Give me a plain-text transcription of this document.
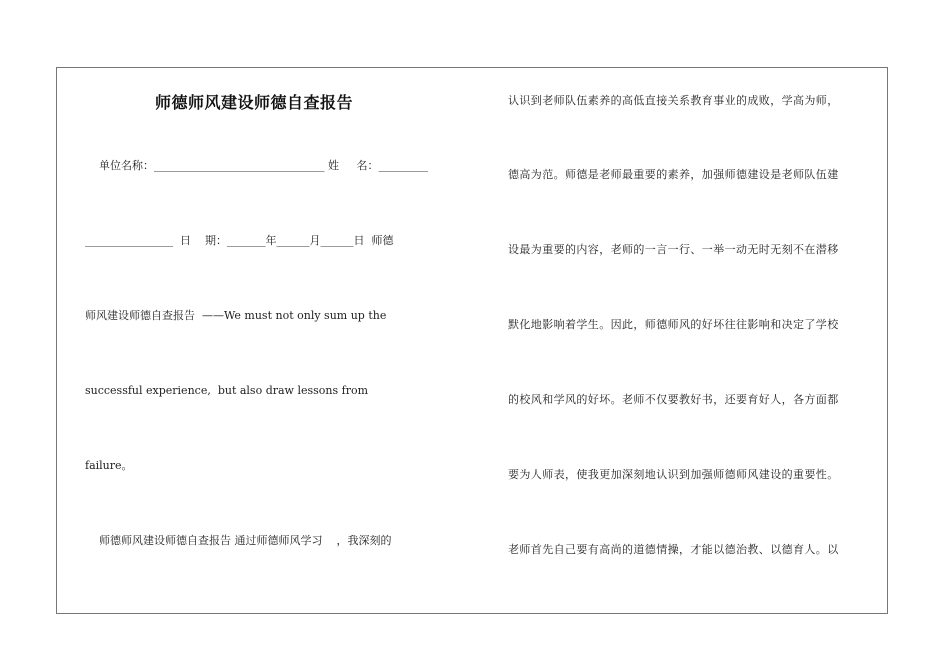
师德师风建设师德自查报告
单位名称：_______________________________ 姓     名：_________
________________  日    期：_______年______月______日  师德
师风建设师德自查报告  ——We must not only sum up the
successful experience,  but also draw lessons from
failure。
师德师风建设师德自查报告 通过师德师风学习    ，我深刻的
认识到老师队伍素养的高低直接关系教育事业的成败，学高为师，
德高为范。师德是老师最重要的素养，加强师德建设是老师队伍建
设最为重要的内容，老师的一言一行、一举一动无时无刻不在潜移
默化地影响着学生。因此，师德师风的好坏往往影响和决定了学校
的校风和学风的好坏。老师不仅要教好书，还要育好人，各方面都
要为人师表，使我更加深刻地认识到加强师德师风建设的重要性。
老师首先自己要有高尚的道德情操，才能以德治教、以德育人。以
